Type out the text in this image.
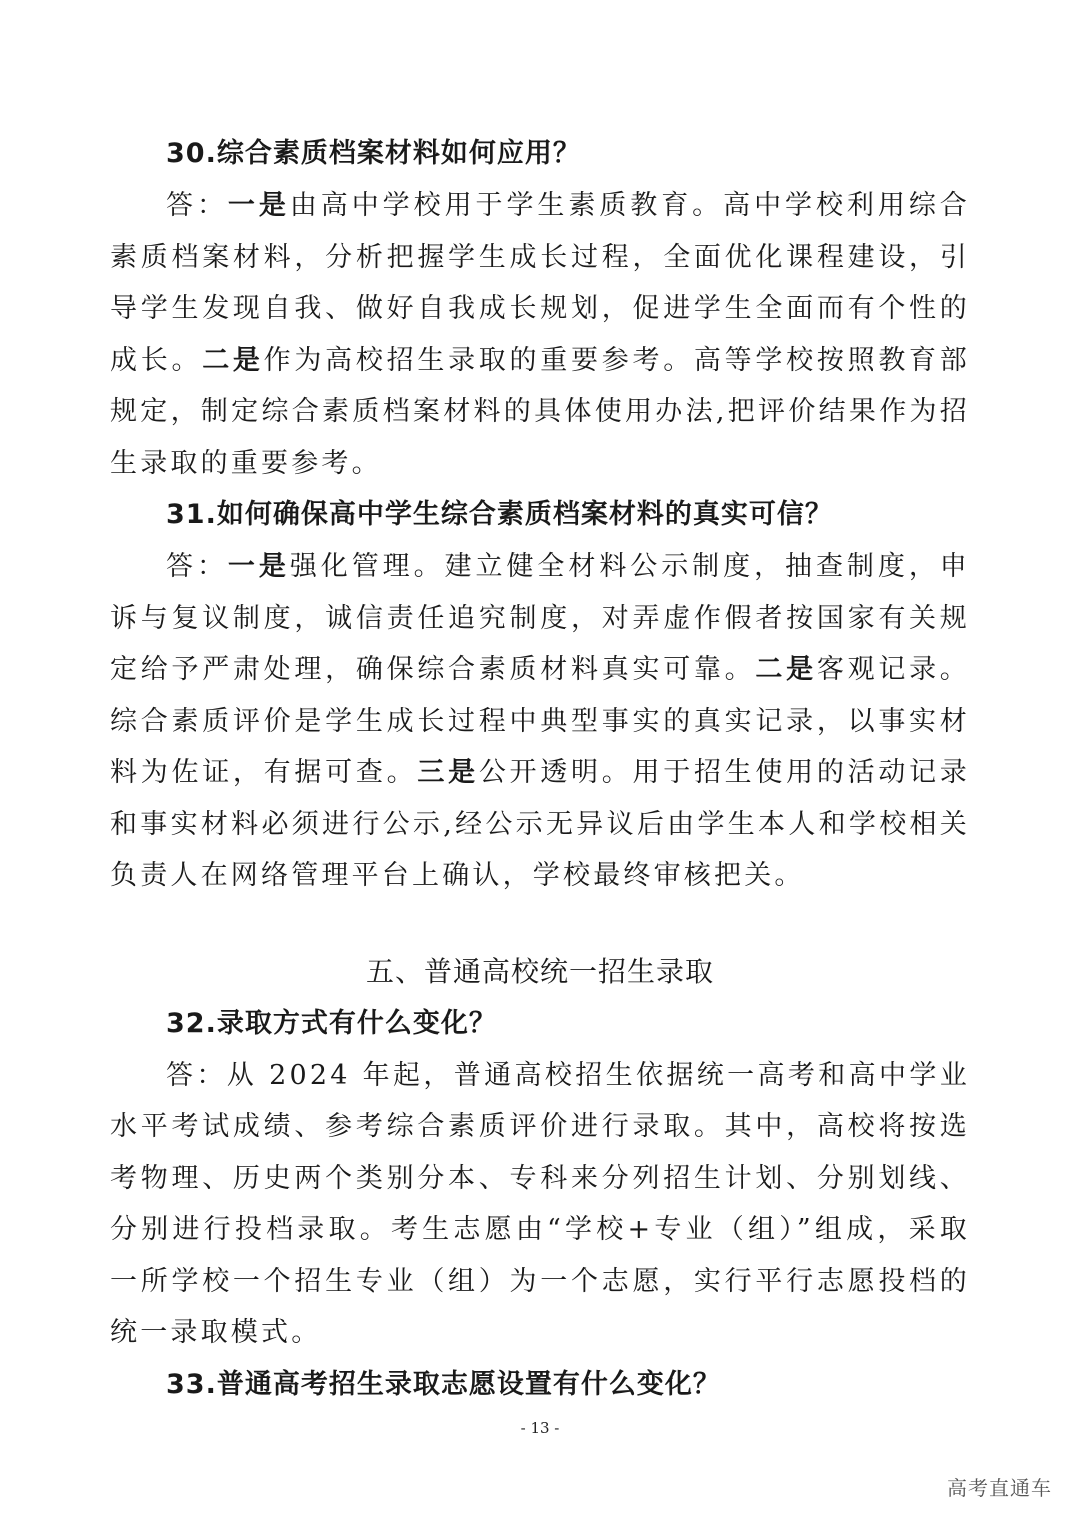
30.综合素质档案材料如何应用？

答：一是由高中学校用于学生素质教育。高中学校利用综合素质档案材料，分析把握学生成长过程，全面优化课程建设，引导学生发现自我、做好自我成长规划，促进学生全面而有个性的成长。二是作为高校招生录取的重要参考。高等学校按照教育部规定，制定综合素质档案材料的具体使用办法,把评价结果作为招生录取的重要参考。

31.如何确保高中学生综合素质档案材料的真实可信？

答：一是强化管理。建立健全材料公示制度，抽查制度，申诉与复议制度，诚信责任追究制度，对弄虚作假者按国家有关规定给予严肃处理，确保综合素质材料真实可靠。二是客观记录。综合素质评价是学生成长过程中典型事实的真实记录，以事实材料为佐证，有据可查。三是公开透明。用于招生使用的活动记录和事实材料必须进行公示,经公示无异议后由学生本人和学校相关负责人在网络管理平台上确认，学校最终审核把关。

五、普通高校统一招生录取

32.录取方式有什么变化？

答：从 2024 年起，普通高校招生依据统一高考和高中学业水平考试成绩、参考综合素质评价进行录取。其中，高校将按选考物理、历史两个类别分本、专科来分列招生计划、分别划线、分别进行投档录取。考生志愿由“学校+专业（组）”组成，采取一所学校一个招生专业（组）为一个志愿，实行平行志愿投档的统一录取模式。

33.普通高考招生录取志愿设置有什么变化？

- 13 -
高考直通车
